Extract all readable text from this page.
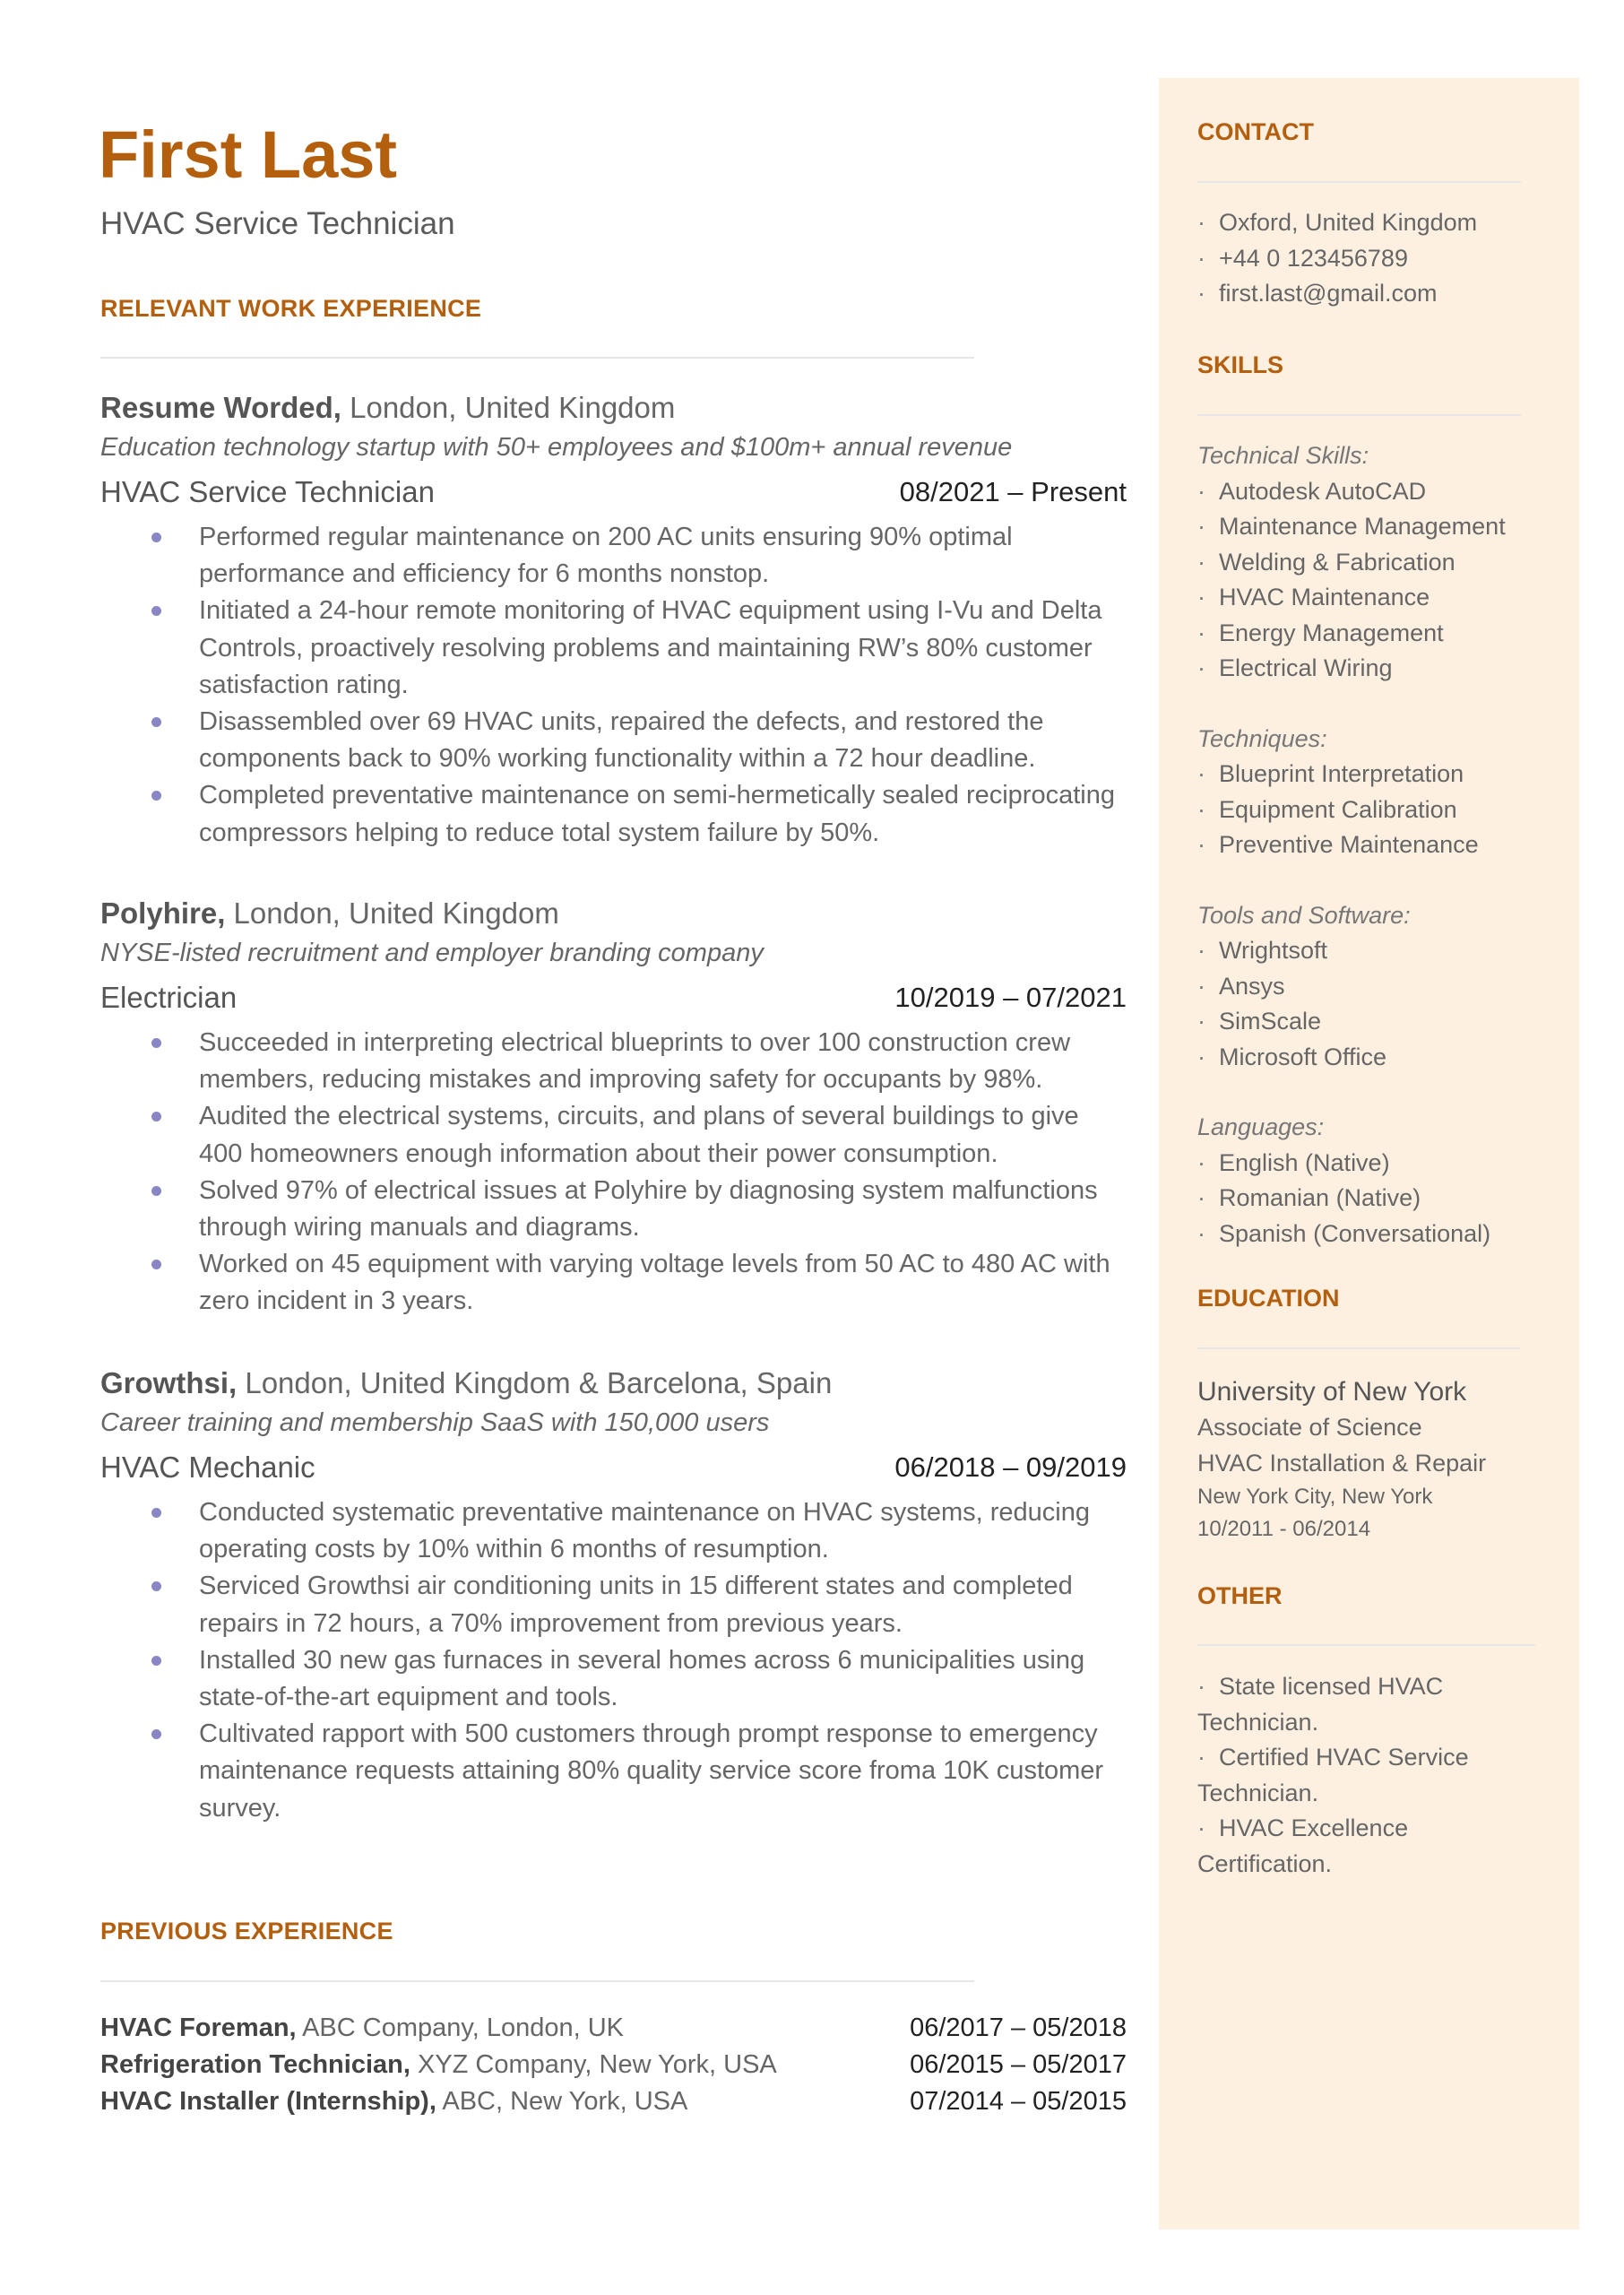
First Last
HVAC Service Technician
RELEVANT WORK EXPERIENCE
Resume Worded, London, United Kingdom
Education technology startup with 50+ employees and $100m+ annual revenue
HVAC Service Technician	08/2021 – Present
Performed regular maintenance on 200 AC units ensuring 90% optimal performance and efficiency for 6 months nonstop.
Initiated a 24-hour remote monitoring of HVAC equipment using I-Vu and Delta Controls, proactively resolving problems and maintaining RW’s 80% customer satisfaction rating.
Disassembled over 69 HVAC units, repaired the defects, and restored the components back to 90% working functionality within a 72 hour deadline.
Completed preventative maintenance on semi-hermetically sealed reciprocating compressors helping to reduce total system failure by 50%.
Polyhire, London, United Kingdom
NYSE-listed recruitment and employer branding company
Electrician	10/2019 – 07/2021
Succeeded in interpreting electrical blueprints to over 100 construction crew members, reducing mistakes and improving safety for occupants by 98%.
Audited the electrical systems, circuits, and plans of several buildings to give 400 homeowners enough information about their power consumption.
Solved 97% of electrical issues at Polyhire by diagnosing system malfunctions through wiring manuals and diagrams.
Worked on 45 equipment with varying voltage levels from 50 AC to 480 AC with zero incident in 3 years.
Growthsi, London, United Kingdom & Barcelona, Spain
Career training and membership SaaS with 150,000 users
HVAC Mechanic	06/2018 – 09/2019
Conducted systematic preventative maintenance on HVAC systems, reducing operating costs by 10% within 6 months of resumption.
Serviced Growthsi air conditioning units in 15 different states and completed repairs in 72 hours, a 70% improvement from previous years.
Installed 30 new gas furnaces in several homes across 6 municipalities using state-of-the-art equipment and tools.
Cultivated rapport with 500 customers through prompt response to emergency maintenance requests attaining 80% quality service score froma 10K customer survey.
PREVIOUS EXPERIENCE
HVAC Foreman, ABC Company, London, UK	06/2017 – 05/2018
Refrigeration Technician, XYZ Company, New York, USA	06/2015 – 05/2017
HVAC Installer (Internship), ABC, New York, USA	07/2014 – 05/2015
CONTACT
· Oxford, United Kingdom
· +44 0 123456789
· first.last@gmail.com
SKILLS
Technical Skills:
· Autodesk AutoCAD
· Maintenance Management
· Welding & Fabrication
· HVAC Maintenance
· Energy Management
· Electrical Wiring
Techniques:
· Blueprint Interpretation
· Equipment Calibration
· Preventive Maintenance
Tools and Software:
· Wrightsoft
· Ansys
· SimScale
· Microsoft Office
Languages:
· English (Native)
· Romanian (Native)
· Spanish (Conversational)
EDUCATION
University of New York
Associate of Science
HVAC Installation & Repair
New York City, New York
10/2011 - 06/2014
OTHER
· State licensed HVAC Technician.
· Certified HVAC Service Technician.
· HVAC Excellence Certification.
